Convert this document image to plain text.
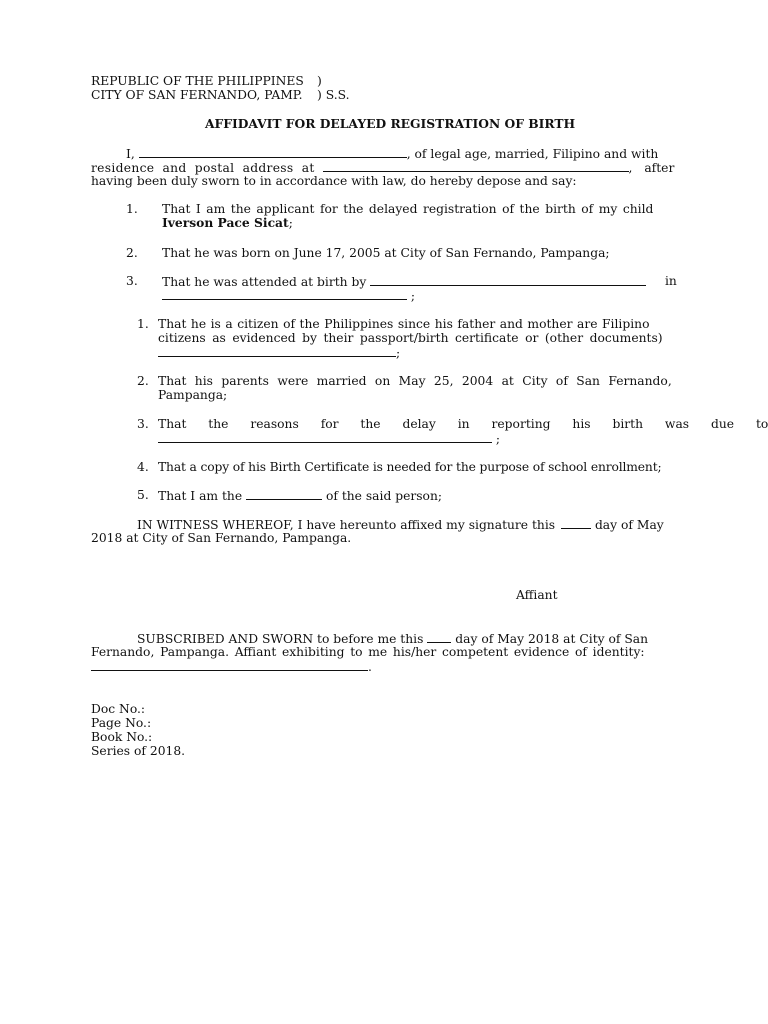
REPUBLIC OF THE PHILIPPINES )
CITY OF SAN FERNANDO, PAMP. ) S.S.
AFFIDAVIT FOR DELAYED REGISTRATION OF BIRTH
I,	, of legal age, married, Filipino and with
residence and postal address at	, after
having been duly sworn to in accordance with law, do hereby depose and say:
1. That I am the applicant for the delayed registration of the birth of my child
Iverson Pace Sicat;
2. That he was born on June 17, 2005 at City of San Fernando, Pampanga;
3. That he was attended at birth by	in
;
1. That he is a citizen of the Philippines since his father and mother are Filipino
citizens as evidenced by their passport/birth certificate or (other documents)
;
2. That his parents were married on May 25, 2004 at City of San Fernando,
Pampanga;
3. That the reasons for the delay in reporting his birth was due to
;
4. That a copy of his Birth Certificate is needed for the purpose of school enrollment;
5. That I am the	of the said person;
IN WITNESS WHEREOF, I have hereunto affixed my signature this	day of May
2018 at City of San Fernando, Pampanga.
Affiant
SUBSCRIBED AND SWORN to before me this	day of May 2018 at City of San
Fernando, Pampanga. Affiant exhibiting to me his/her competent evidence of identity:
.
Doc No.:
Page No.:
Book No.:
Series of 2018.
